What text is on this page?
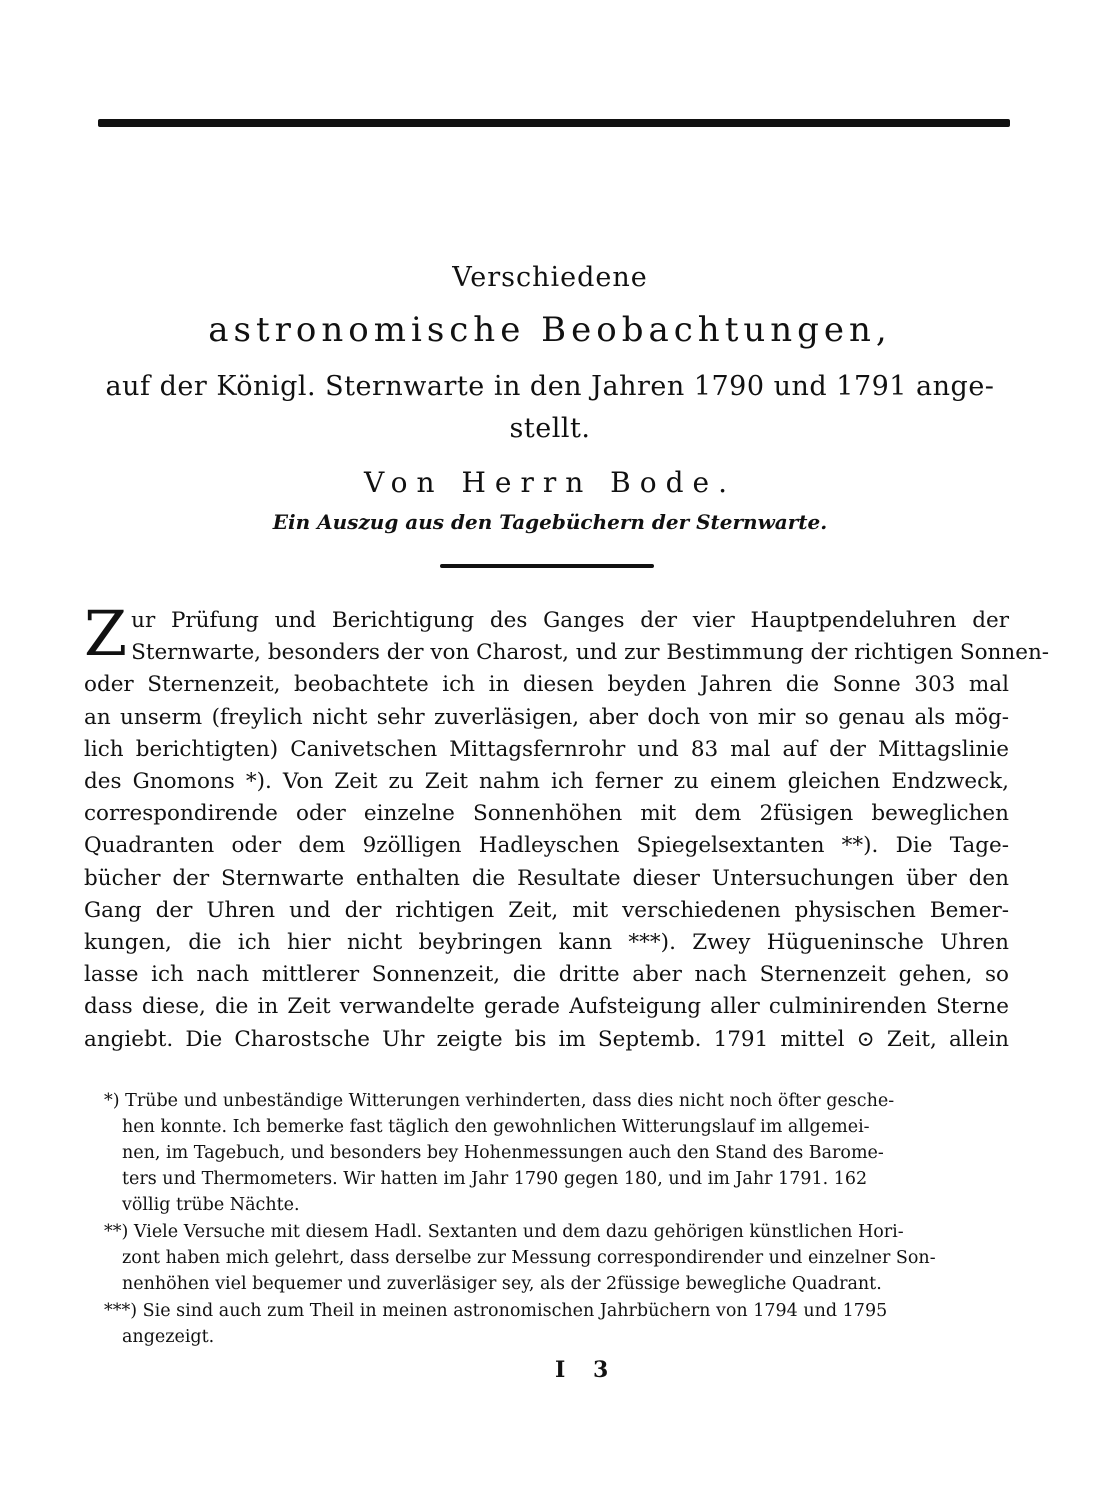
Verschiedene
astronomische Beobachtungen,
auf der Königl. Sternwarte in den Jahren 1790 und 1791 ange-
stellt.
Von Herrn Bode.
Ein Auszug aus den Tagebüchern der Sternwarte.
Z ur Prüfung und Berichtigung des Ganges der vier Hauptpendeluhren der
Sternwarte, besonders der von Charost, und zur Bestimmung der richtigen Sonnen-
oder Sternenzeit, beobachtete ich in diesen beyden Jahren die Sonne 303 mal
an unserm (freylich nicht sehr zuverläsigen, aber doch von mir so genau als mög-
lich berichtigten) Canivetschen Mittagsfernrohr und 83 mal auf der Mittagslinie
des Gnomons *). Von Zeit zu Zeit nahm ich ferner zu einem gleichen Endzweck,
correspondirende oder einzelne Sonnenhöhen mit dem 2füsigen beweglichen
Quadranten oder dem 9zölligen Hadleyschen Spiegelsextanten **). Die Tage-
bücher der Sternwarte enthalten die Resultate dieser Untersuchungen über den
Gang der Uhren und der richtigen Zeit, mit verschiedenen physischen Bemer-
kungen, die ich hier nicht beybringen kann ***). Zwey Hügueninsche Uhren
lasse ich nach mittlerer Sonnenzeit, die dritte aber nach Sternenzeit gehen, so
dass diese, die in Zeit verwandelte gerade Aufsteigung aller culminirenden Sterne
angiebt. Die Charostsche Uhr zeigte bis im Septemb. 1791 mittel ⊙ Zeit, allein
*) Trübe und unbeständige Witterungen verhinderten, dass dies nicht noch öfter gesche-
hen konnte. Ich bemerke fast täglich den gewohnlichen Witterungslauf im allgemei-
nen, im Tagebuch, und besonders bey Hohenmessungen auch den Stand des Barome-
ters und Thermometers. Wir hatten im Jahr 1790 gegen 180, und im Jahr 1791. 162
völlig trübe Nächte.
**) Viele Versuche mit diesem Hadl. Sextanten und dem dazu gehörigen künstlichen Hori-
zont haben mich gelehrt, dass derselbe zur Messung correspondirender und einzelner Son-
nenhöhen viel bequemer und zuverläsiger sey, als der 2füssige bewegliche Quadrant.
***) Sie sind auch zum Theil in meinen astronomischen Jahrbüchern von 1794 und 1795
angezeigt.
I 3
